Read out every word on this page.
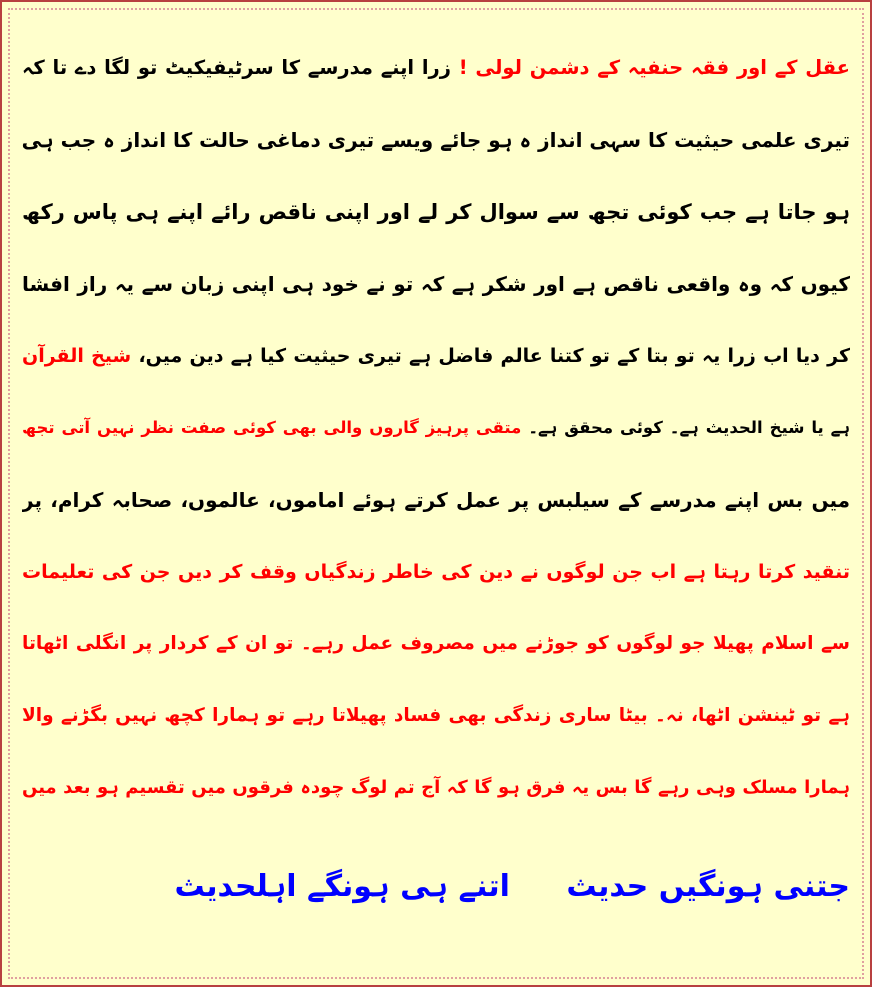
عقل کے اور فقہ حنفیہ کے دشمن لولی ! زرا اپنے مدرسے کا سرٹیفیکیٹ تو لگا دے تا کہ
تیری علمی حیثیت کا سہی انداز ہ ہو جائے ویسے تیری دماغی حالت کا انداز ہ جب ہی
ہو جاتا ہے جب کوئی تجھ سے سوال کر لے اور اپنی ناقص رائے اپنے ہی پاس رکھ
کیوں کہ وہ واقعی ناقص ہے اور شکر ہے کہ تو نے خود ہی اپنی زبان سے یہ راز افشا
کر دیا اب زرا یہ تو بتا کے تو کتنا عالم فاضل ہے تیری حیثیت کیا ہے دین میں، شیخ القرآن
ہے یا شیخ الحدیث ہے۔ کوئی محقق ہے۔ متقی پرہیز گاروں والی بھی کوئی صفت نظر نہیں آتی تجھ
میں بس اپنے مدرسے کے سیلبس پر عمل کرتے ہوئے اماموں، عالموں، صحابہ کرام، پر
تنقید کرتا رہتا ہے اب جن لوگوں نے دین کی خاطر زندگیاں وقف کر دیں جن کی تعلیمات
سے اسلام پھیلا جو لوگوں کو جوڑنے میں مصروف عمل رہے۔ تو ان کے کردار پر انگلی اٹھاتا
ہے تو ٹینشن اٹھا، نہ۔ بیٹا ساری زندگی بھی فساد پھیلاتا رہے تو ہمارا کچھ نہیں بگڑنے والا
ہمارا مسلک وہی رہے گا بس یہ فرق ہو گا کہ آج تم لوگ چودہ فرقوں میں تقسیم ہو بعد میں
جتنی ہونگیں حدیث اتنے ہی ہونگے اہلحدیث
